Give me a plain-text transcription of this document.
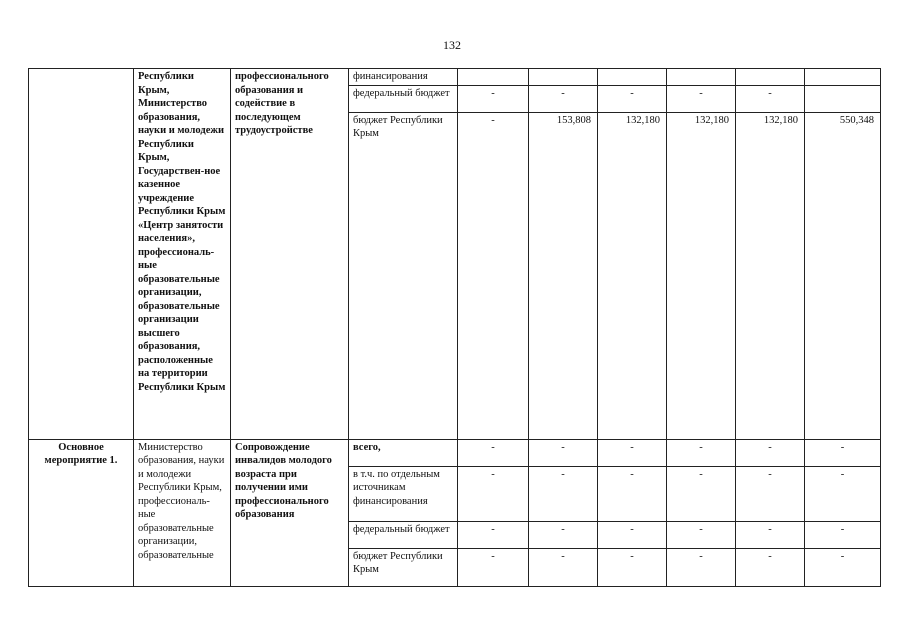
132
	Республики Крым, Министерство образования, науки и молодежи Республики Крым, Государствен-ное казенное учреждение Республики Крым «Центр занятости населения», профессиональ-ные образовательные организации, образовательные организации высшего образования, расположенные на территории Республики Крым	профессионального образования и содействие в последующем трудоустройстве	финансирования						
			федеральный бюджет	-	-	-	-	-	
			бюджет Республики Крым	-	153,808	132,180	132,180	132,180	550,348
Основное мероприятие 1.	Министерство образования, науки и молодежи Республики Крым, профессиональ-ные образовательные организации, образовательные	Сопровождение инвалидов молодого возраста при получении ими профессионального образования	всего,	-	-	-	-	-	-
			в т.ч. по отдельным источникам финансирования	-	-	-	-	-	-
			федеральный бюджет	-	-	-	-	-	-
			бюджет Республики Крым	-	-	-	-	-	-
